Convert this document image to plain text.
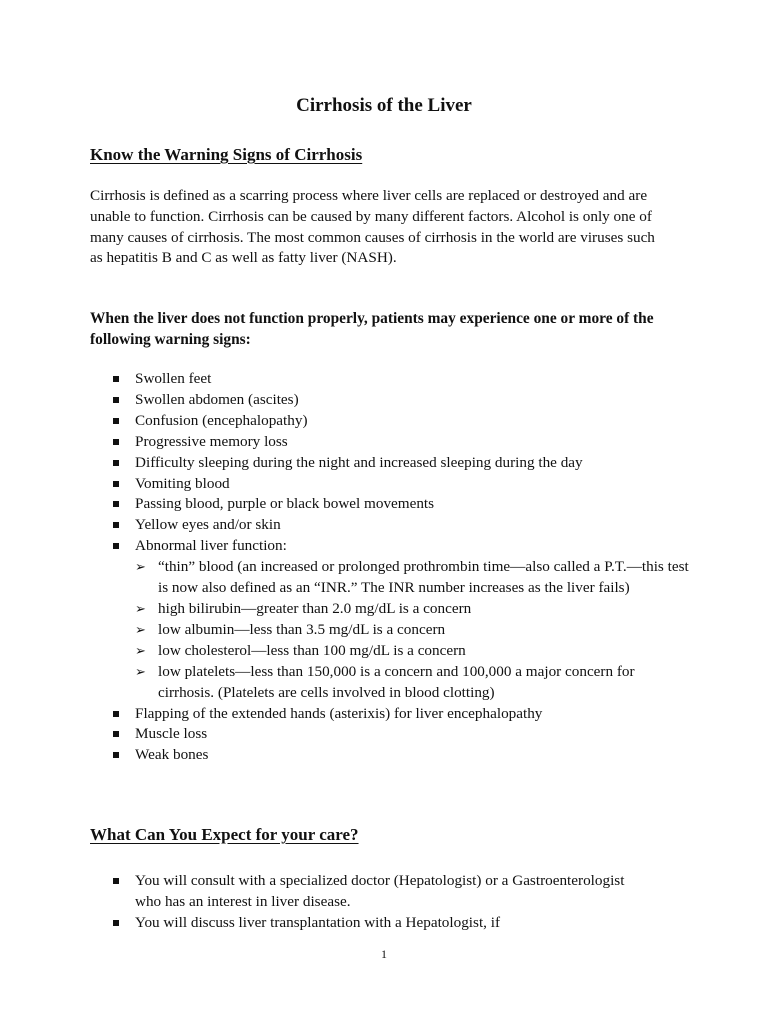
Cirrhosis of the Liver
Know the Warning Signs of Cirrhosis
Cirrhosis is defined as a scarring process where liver cells are replaced or destroyed and are unable to function. Cirrhosis can be caused by many different factors. Alcohol is only one of many causes of cirrhosis. The most common causes of cirrhosis in the world are viruses such as hepatitis B and C as well as fatty liver (NASH).
When the liver does not function properly, patients may experience one or more of the following warning signs:
Swollen feet
Swollen abdomen (ascites)
Confusion (encephalopathy)
Progressive memory loss
Difficulty sleeping during the night and increased sleeping during the day
Vomiting blood
Passing blood, purple or black bowel movements
Yellow eyes and/or skin
Abnormal liver function:
➢ “thin” blood (an increased or prolonged prothrombin time—also called a P.T.—this test is now also defined as an “INR.” The INR number increases as the liver fails)
➢ high bilirubin—greater than 2.0 mg/dL is a concern
➢ low albumin—less than 3.5 mg/dL is a concern
➢ low cholesterol—less than 100 mg/dL is a concern
➢ low platelets—less than 150,000 is a concern and 100,000 a major concern for cirrhosis. (Platelets are cells involved in blood clotting)
Flapping of the extended hands (asterixis) for liver encephalopathy
Muscle loss
Weak bones
What Can You Expect for your care?
You will consult with a specialized doctor (Hepatologist) or a Gastroenterologist who has an interest in liver disease.
You will discuss liver transplantation with a Hepatologist, if
1
